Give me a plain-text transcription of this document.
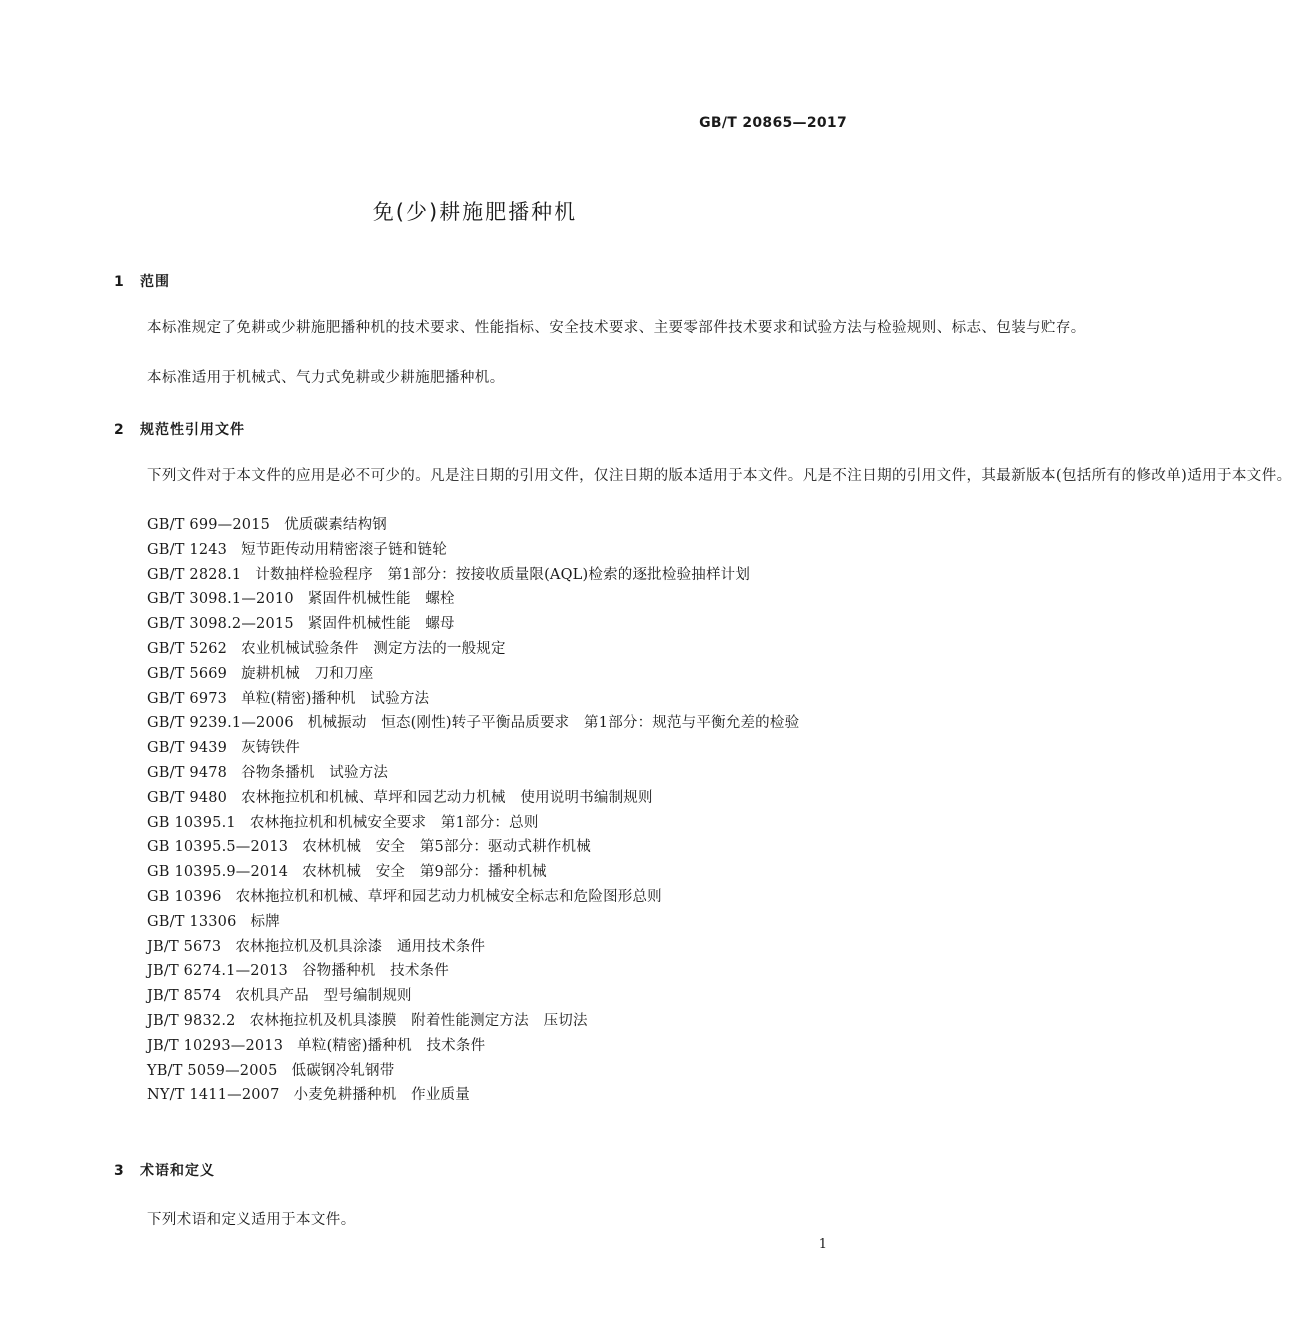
GB/T 20865—2017
免(少)耕施肥播种机
1 范围

本标准规定了免耕或少耕施肥播种机的技术要求、性能指标、安全技术要求、主要零部件技术要求和试验方法与检验规则、标志、包装与贮存。

本标准适用于机械式、气力式免耕或少耕施肥播种机。

2 规范性引用文件

下列文件对于本文件的应用是必不可少的。凡是注日期的引用文件，仅注日期的版本适用于本文件。凡是不注日期的引用文件，其最新版本(包括所有的修改单)适用于本文件。

GB/T 699—2015 优质碳素结构钢
GB/T 1243 短节距传动用精密滚子链和链轮
GB/T 2828.1 计数抽样检验程序　第1部分：按接收质量限(AQL)检索的逐批检验抽样计划
GB/T 3098.1—2010 紧固件机械性能　螺栓
GB/T 3098.2—2015 紧固件机械性能　螺母
GB/T 5262 农业机械试验条件　测定方法的一般规定
GB/T 5669 旋耕机械　刀和刀座
GB/T 6973 单粒(精密)播种机　试验方法
GB/T 9239.1—2006 机械振动　恒态(刚性)转子平衡品质要求　第1部分：规范与平衡允差的检验
GB/T 9439 灰铸铁件
GB/T 9478 谷物条播机　试验方法
GB/T 9480 农林拖拉机和机械、草坪和园艺动力机械　使用说明书编制规则
GB 10395.1 农林拖拉机和机械安全要求　第1部分：总则
GB 10395.5—2013 农林机械　安全　第5部分：驱动式耕作机械
GB 10395.9—2014 农林机械　安全　第9部分：播种机械
GB 10396 农林拖拉机和机械、草坪和园艺动力机械安全标志和危险图形总则
GB/T 13306 标牌
JB/T 5673 农林拖拉机及机具涂漆　通用技术条件
JB/T 6274.1—2013 谷物播种机　技术条件
JB/T 8574 农机具产品　型号编制规则
JB/T 9832.2 农林拖拉机及机具漆膜　附着性能测定方法　压切法
JB/T 10293—2013 单粒(精密)播种机　技术条件
YB/T 5059—2005 低碳钢冷轧钢带
NY/T 1411—2007 小麦免耕播种机　作业质量
3 术语和定义

下列术语和定义适用于本文件。

1
